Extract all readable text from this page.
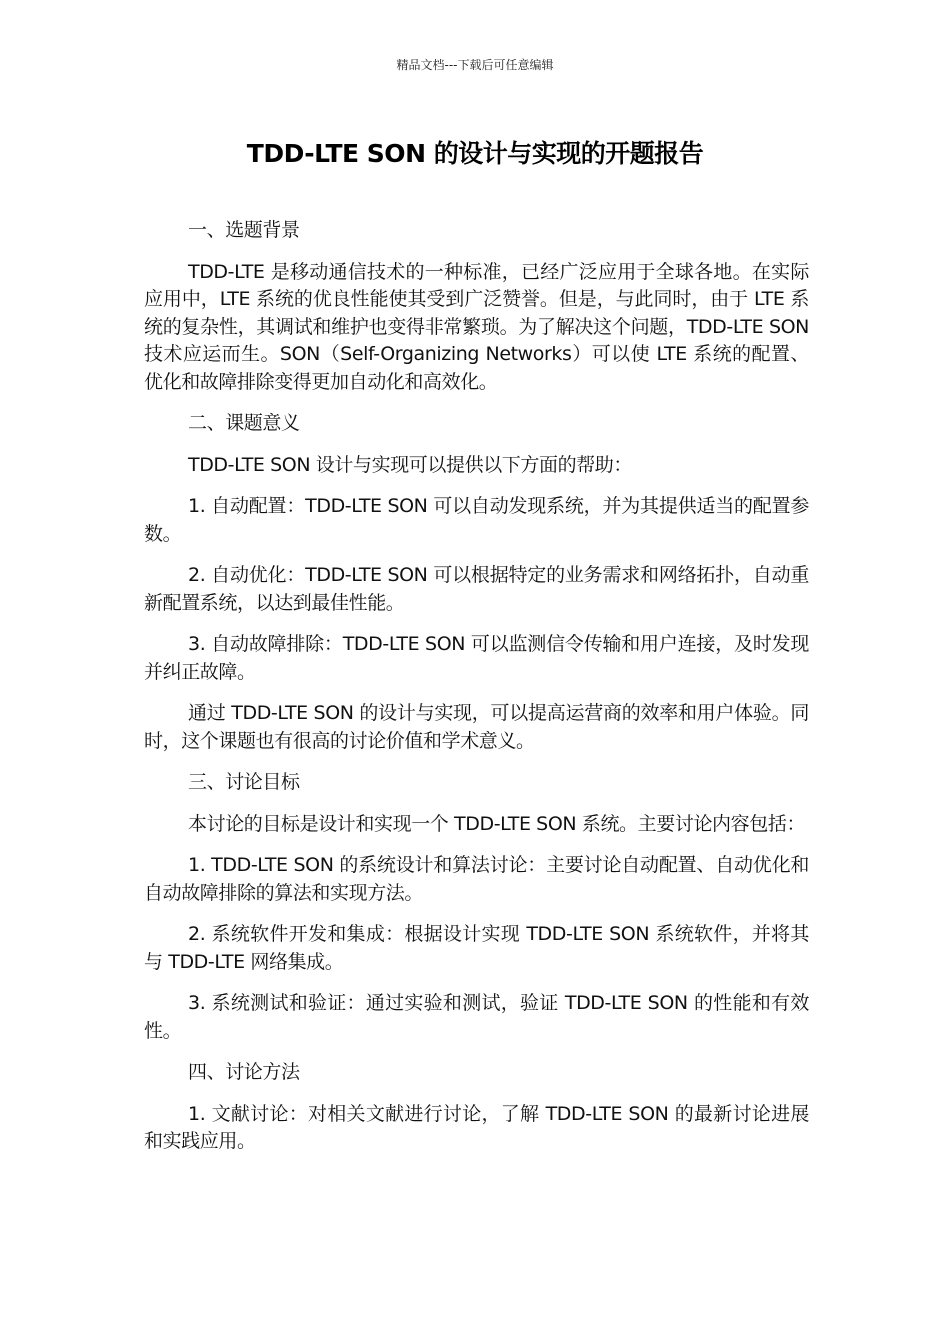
精品文档---下载后可任意编辑
TDD-LTE SON 的设计与实现的开题报告

一、选题背景

TDD-LTE 是移动通信技术的一种标准，已经广泛应用于全球各地。在实际应用中，LTE 系统的优良性能使其受到广泛赞誉。但是，与此同时，由于 LTE 系统的复杂性，其调试和维护也变得非常繁琐。为了解决这个问题，TDD-LTE SON 技术应运而生。SON（Self-Organizing Networks）可以使 LTE 系统的配置、优化和故障排除变得更加自动化和高效化。

二、课题意义

TDD-LTE SON 设计与实现可以提供以下方面的帮助：

1. 自动配置：TDD-LTE SON 可以自动发现系统，并为其提供适当的配置参数。

2. 自动优化：TDD-LTE SON 可以根据特定的业务需求和网络拓扑，自动重新配置系统，以达到最佳性能。

3. 自动故障排除：TDD-LTE SON 可以监测信令传输和用户连接，及时发现并纠正故障。

通过 TDD-LTE SON 的设计与实现，可以提高运营商的效率和用户体验。同时，这个课题也有很高的讨论价值和学术意义。

三、讨论目标

本讨论的目标是设计和实现一个 TDD-LTE SON 系统。主要讨论内容包括：

1. TDD-LTE SON 的系统设计和算法讨论：主要讨论自动配置、自动优化和自动故障排除的算法和实现方法。

2. 系统软件开发和集成：根据设计实现 TDD-LTE SON 系统软件，并将其与 TDD-LTE 网络集成。

3. 系统测试和验证：通过实验和测试，验证 TDD-LTE SON 的性能和有效性。

四、讨论方法

1. 文献讨论：对相关文献进行讨论，了解 TDD-LTE SON 的最新讨论进展和实践应用。
